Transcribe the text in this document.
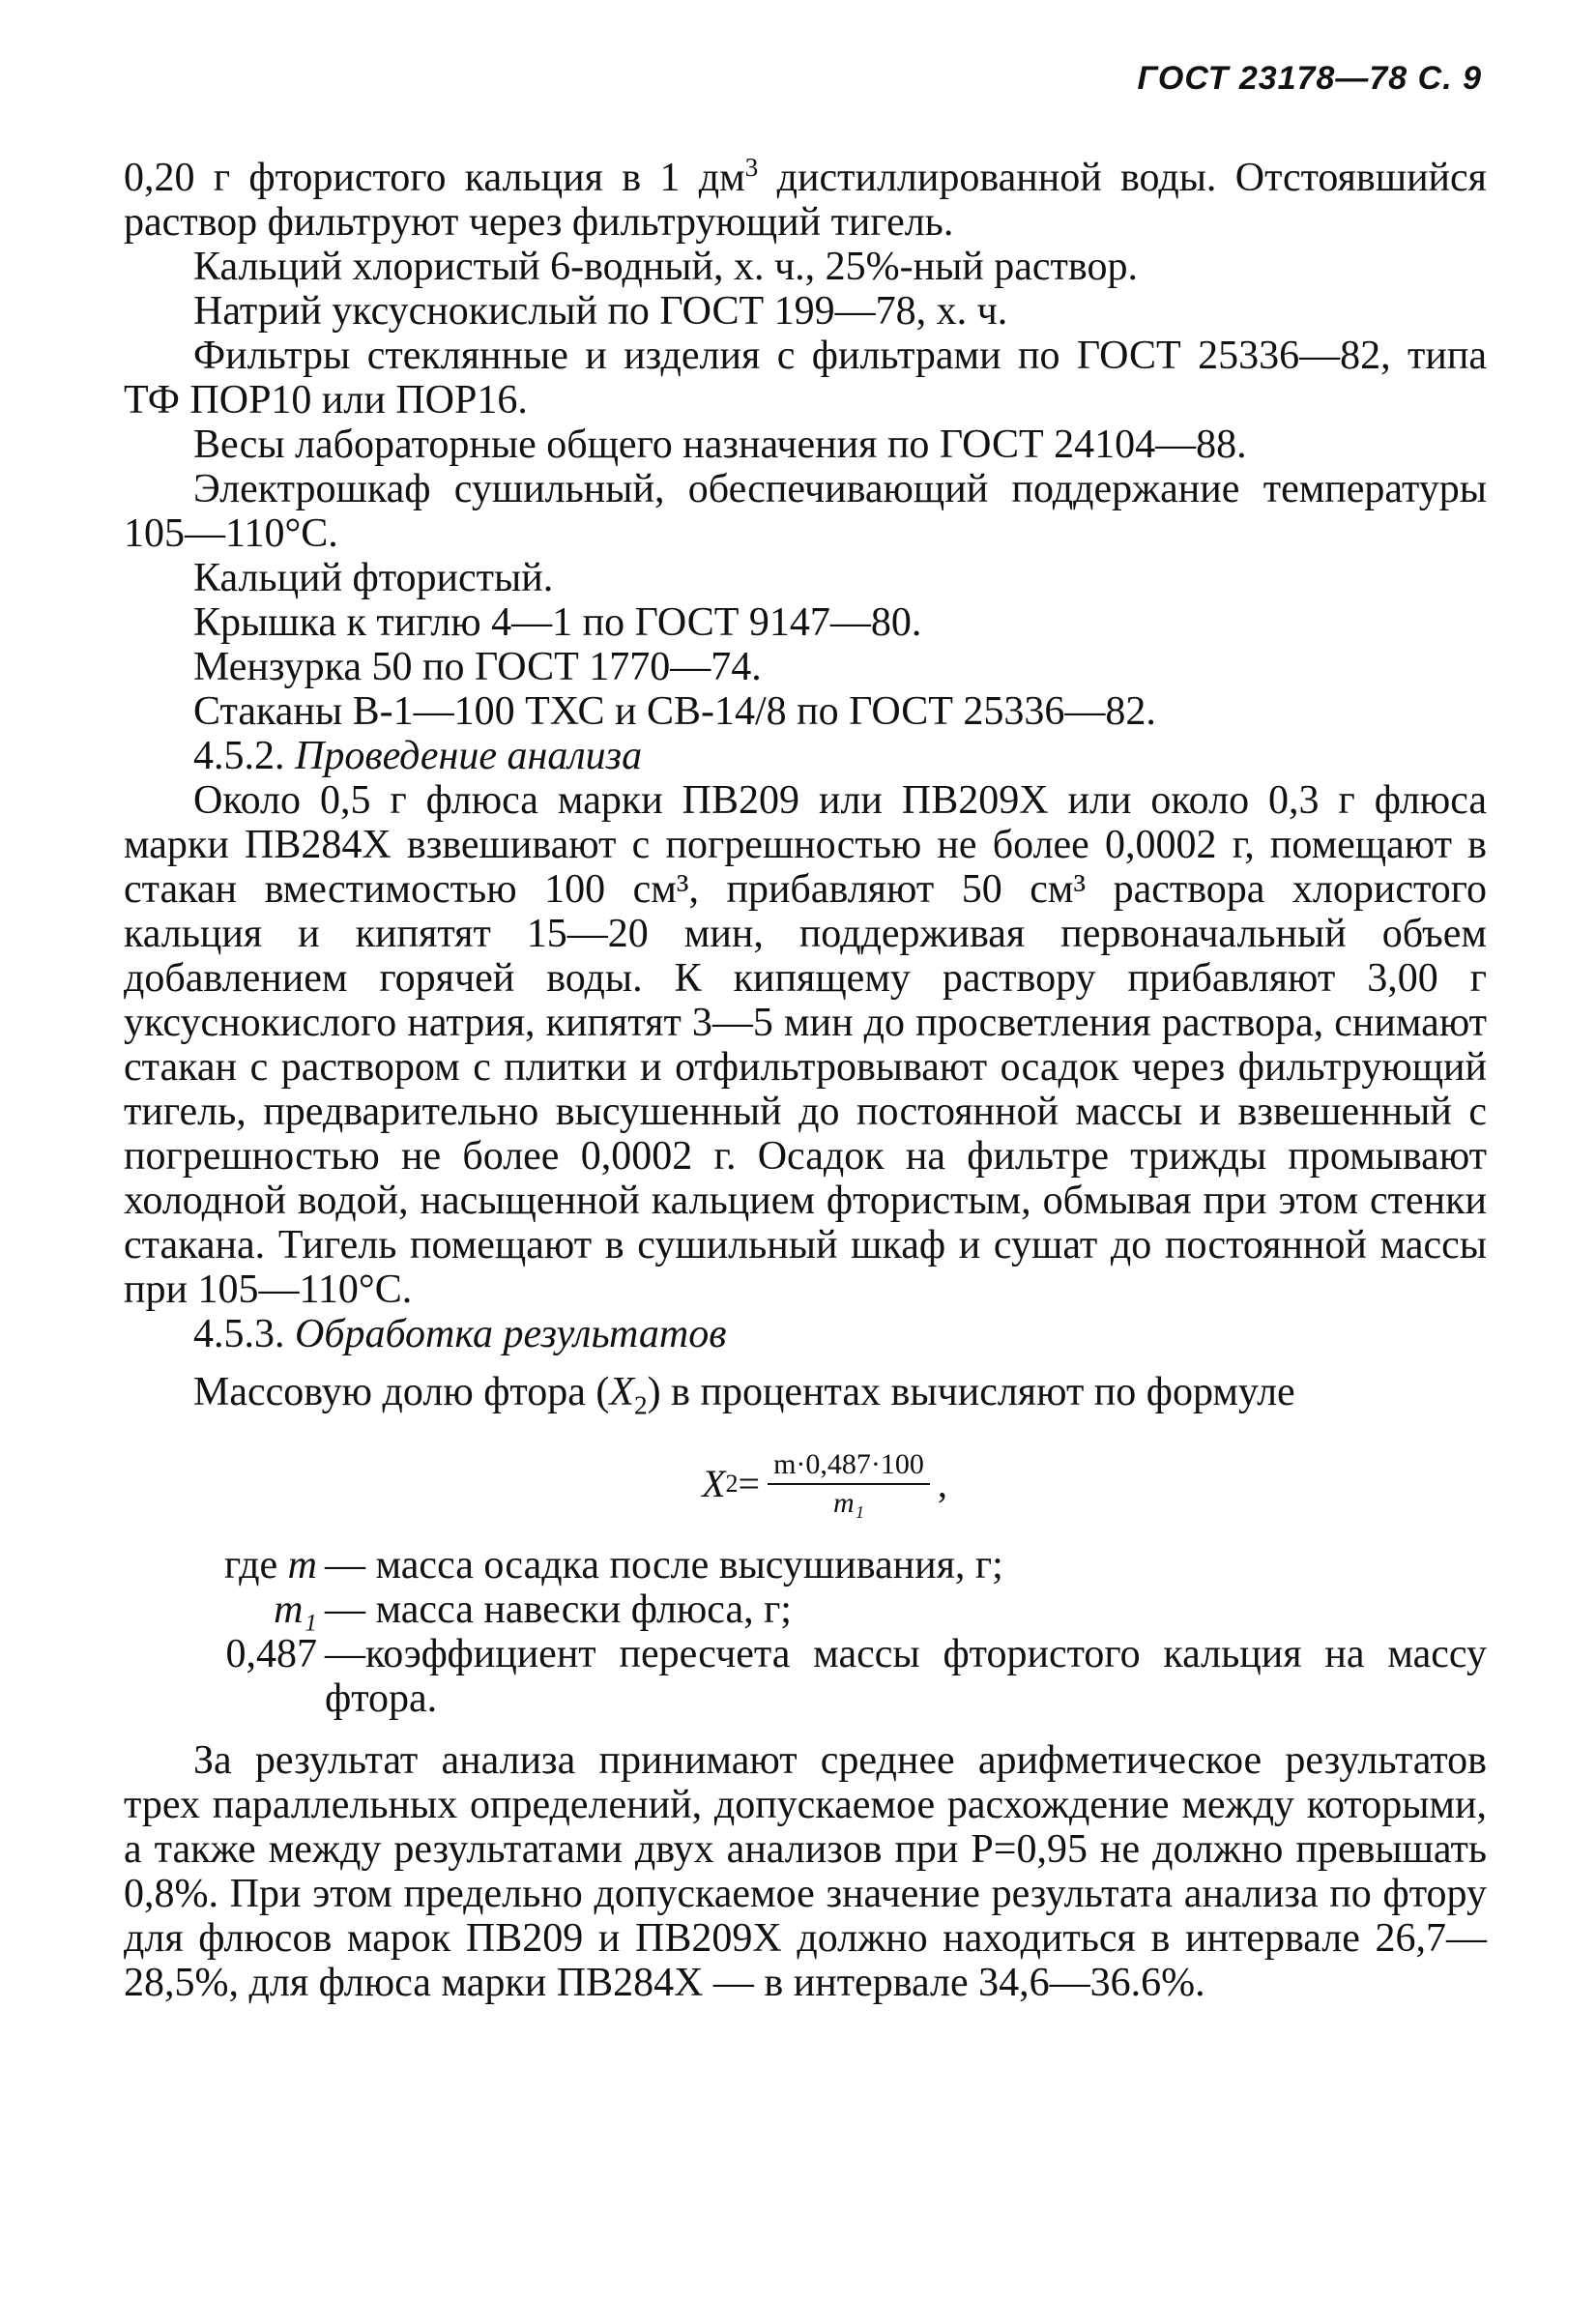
ГОСТ 23178—78 С. 9

0,20 г фтористого кальция в 1 $дм^3$ дистиллированной воды. Отстоявшийся раствор фильтруют через фильтрующий тигель.

Кальций хлористый 6-водный, х. ч., 25%-ный раствор.

Натрий уксуснокислый по ГОСТ 199—78, х. ч.

Фильтры стеклянные и изделия с фильтрами по ГОСТ 25336—82, типа ТФ ПОР10 или ПОР16.

Весы лабораторные общего назначения по ГОСТ 24104—88.

Электрошкаф сушильный, обеспечивающий поддержание температуры 105—110°С.

Кальций фтористый.

Крышка к тиглю 4—1 по ГОСТ 9147—80.

Мензурка 50 по ГОСТ 1770—74.

Стаканы В-1—100 ТХС и СВ-14/8 по ГОСТ 25336—82.

4.5.2. Проведение анализа

Около 0,5 г флюса марки ПВ209 или ПВ209Х или около 0,3 г флюса марки ПВ284Х взвешивают с погрешностью не более 0,0002 г, помещают в стакан вместимостью 100 см³, прибавляют 50 см³ раствора хлористого кальция и кипятят 15—20 мин, поддерживая первоначальный объем добавлением горячей воды. К кипящему раствору прибавляют 3,00 г уксуснокислого натрия, кипятят 3—5 мин до просветления раствора, снимают стакан с раствором с плитки и отфильтровывают осадок через фильтрующий тигель, предварительно высушенный до постоянной массы и взвешенный с погрешностью не более 0,0002 г. Осадок на фильтре трижды промывают холодной водой, насыщенной кальцием фтористым, обмывая при этом стенки стакана. Тигель помещают в сушильный шкаф и сушат до постоянной массы при 105—110°С.

4.5.3. Обработка результатов

Массовую долю фтора $(X_2)$ в процентах вычисляют по формуле

X $2 = \frac{m\cdot 0,487\cdot 100}{\text{m₁}}$ ,
где m — масса осадка после высушивания, г;
m₁ — масса навески флюса, г;
0,487 —коэффициент пересчета массы фтористого кальция на массу фтора.

За результат анализа принимают среднее арифметическое результатов трех параллельных определений, допускаемое расхождение между которыми, а также между результатами двух анализов при P=0,95 не должно превышать 0,8%. При этом предельно допускаемое значение результата анализа по фтору для флюсов марок ПВ209 и ПВ209Х должно находиться в интервале 26,7—28,5%, для флюса марки ПВ284Х — в интервале 34,6—36.6%.
